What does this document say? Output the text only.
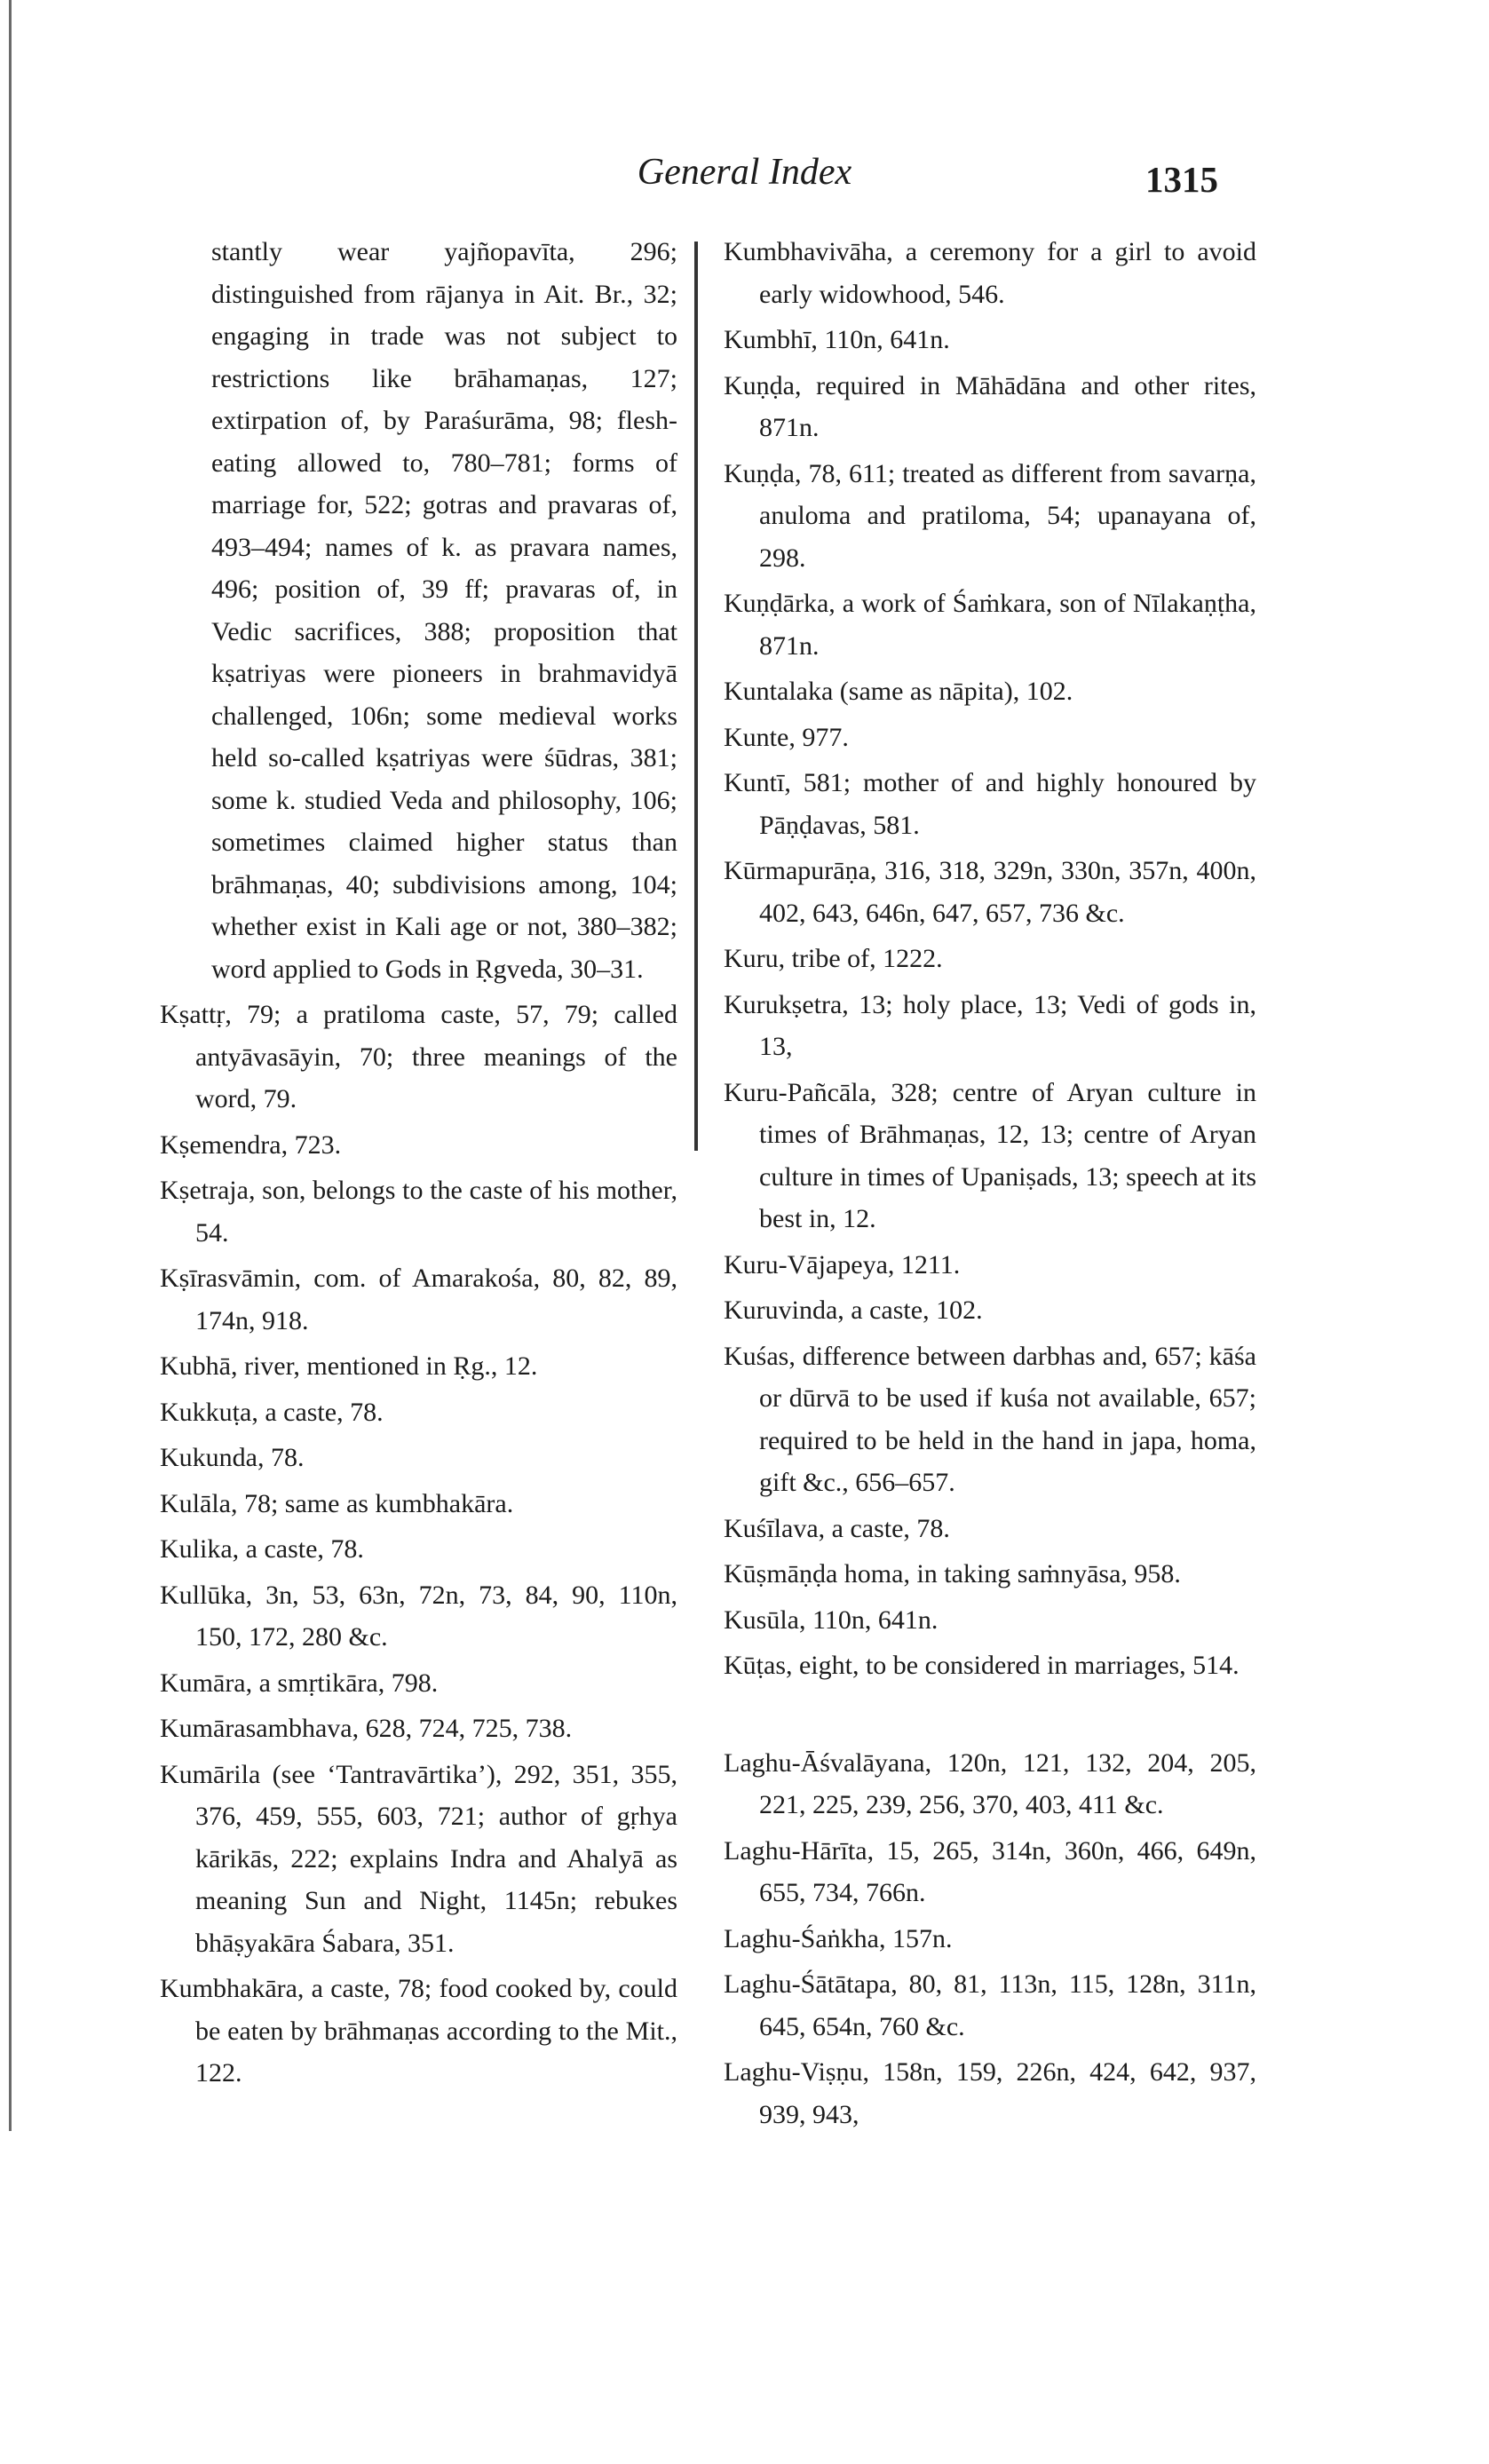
General Index	1315

stantly wear yajñopavīta, 296; distinguished from rājanya in Ait. Br., 32; engaging in trade was not subject to restrictions like brāhamaṇas, 127; extirpation of, by Paraśurāma, 98; flesh-eating allowed to, 780–781; forms of marriage for, 522; gotras and pravaras of, 493–494; names of k. as pravara names, 496; position of, 39 ff; pravaras of, in Vedic sacrifices, 388; proposition that kṣatriyas were pioneers in brahmavidyā challenged, 106n; some medieval works held so-called kṣatriyas were śūdras, 381; some k. studied Veda and philosophy, 106; sometimes claimed higher status than brāhmaṇas, 40; subdivisions among, 104; whether exist in Kali age or not, 380–382; word applied to Gods in Ṛgveda, 30–31.

Kṣattṛ, 79; a pratiloma caste, 57, 79; called antyāvasāyin, 70; three meanings of the word, 79.

Kṣemendra, 723.

Kṣetraja, son, belongs to the caste of his mother, 54.

Kṣīrasvāmin, com. of Amarakośa, 80, 82, 89, 174n, 918.

Kubhā, river, mentioned in Ṛg., 12.

Kukkuṭa, a caste, 78.

Kukunda, 78.

Kulāla, 78; same as kumbhakāra.

Kulika, a caste, 78.

Kullūka, 3n, 53, 63n, 72n, 73, 84, 90, 110n, 150, 172, 280 &c.

Kumāra, a smṛtikāra, 798.

Kumārasambhava, 628, 724, 725, 738.

Kumārila (see ‘Tantravārtika’), 292, 351, 355, 376, 459, 555, 603, 721; author of gṛhya kārikās, 222; explains Indra and Ahalyā as meaning Sun and Night, 1145n; rebukes bhāṣyakāra Śabara, 351.

Kumbhakāra, a caste, 78; food cooked by, could be eaten by brāhmaṇas according to the Mit., 122.

Kumbhavivāha, a ceremony for a girl to avoid early widowhood, 546.

Kumbhī, 110n, 641n.

Kuṇḍa, required in Māhādāna and other rites, 871n.

Kuṇḍa, 78, 611; treated as different from savarṇa, anuloma and pratiloma, 54; upanayana of, 298.

Kuṇḍārka, a work of Śaṁkara, son of Nīlakaṇṭha, 871n.

Kuntalaka (same as nāpita), 102.

Kunte, 977.

Kuntī, 581; mother of and highly honoured by Pāṇḍavas, 581.

Kūrmapurāṇa, 316, 318, 329n, 330n, 357n, 400n, 402, 643, 646n, 647, 657, 736 &c.

Kuru, tribe of, 1222.

Kurukṣetra, 13; holy place, 13; Vedi of gods in, 13,

Kuru-Pañcāla, 328; centre of Aryan culture in times of Brāhmaṇas, 12, 13; centre of Aryan culture in times of Upaniṣads, 13; speech at its best in, 12.

Kuru-Vājapeya, 1211.

Kuruvinda, a caste, 102.

Kuśas, difference between darbhas and, 657; kāśa or dūrvā to be used if kuśa not available, 657; required to be held in the hand in japa, homa, gift &c., 656–657.

Kuśīlava, a caste, 78.

Kūṣmāṇḍa homa, in taking saṁnyāsa, 958.

Kusūla, 110n, 641n.

Kūṭas, eight, to be considered in marriages, 514.

Laghu-Āśvalāyana, 120n, 121, 132, 204, 205, 221, 225, 239, 256, 370, 403, 411 &c.

Laghu-Hārīta, 15, 265, 314n, 360n, 466, 649n, 655, 734, 766n.

Laghu-Śaṅkha, 157n.

Laghu-Śātātapa, 80, 81, 113n, 115, 128n, 311n, 645, 654n, 760 &c.

Laghu-Viṣṇu, 158n, 159, 226n, 424, 642, 937, 939, 943,
